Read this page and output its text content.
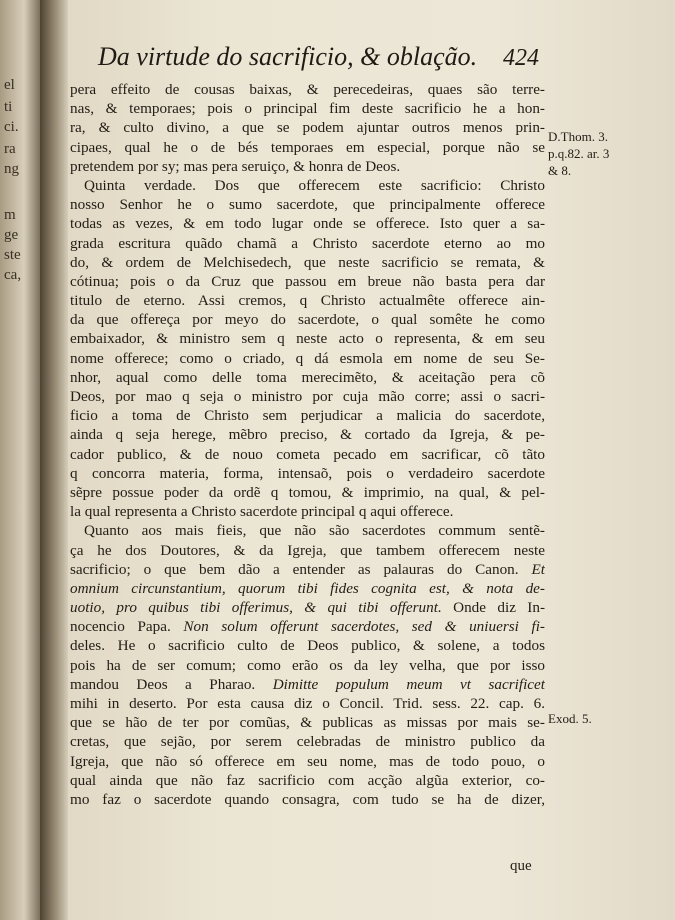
el
ti
ci.
ra
ng
m
ge
ste
ca,
Da virtude do sacrificio, & oblação.	424
pera effeito de cousas baixas, & perecedeiras, quaes são terre-
nas, & temporaes; pois o principal fim deste sacrificio he a hon-
ra, & culto divino, a que se podem ajuntar outros menos prin-
cipaes, qual he o de bés temporaes em especial, porque não se
pretendem por sy; mas pera seruiço, & honra de Deos.
Quinta verdade. Dos que offerecem este sacrificio: Christo
nosso Senhor he o sumo sacerdote, que principalmente offerece
todas as vezes, & em todo lugar onde se offerece. Isto quer a sa-
grada escritura quãdo chamã a Christo sacerdote eterno ao mo
do, & ordem de Melchisedech, que neste sacrificio se remata, &
cótinua; pois o da Cruz que passou em breue não basta pera dar
titulo de eterno. Assi cremos, q Christo actualmête offerece ain-
da que offereça por meyo do sacerdote, o qual somête he como
embaixador, & ministro sem q neste acto o representa, & em seu
nome offerece; como o criado, q dá esmola em nome de seu Se-
nhor, aqual como delle toma merecimẽto, & aceitação pera cõ
Deos, por mao q seja o ministro por cuja mão corre; assi o sacri-
ficio a toma de Christo sem perjudicar a malicia do sacerdote,
ainda q seja herege, mẽbro preciso, & cortado da Igreja, & pe-
cador publico, & de nouo cometa pecado em sacrificar, cõ tãto
q concorra materia, forma, intensaõ, pois o verdadeiro sacerdote
sẽpre possue poder da ordẽ q tomou, & imprimio, na qual, & pel-
la qual representa a Christo sacerdote principal q aqui offerece.
Quanto aos mais fieis, que não são sacerdotes commum sentẽ-
ça he dos Doutores, & da Igreja, que tambem offerecem neste
sacrificio; o que bem dão a entender as palauras do Canon. Et
omnium circunstantium, quorum tibi fides cognita est, & nota de-
uotio, pro quibus tibi offerimus, & qui tibi offerunt. Onde diz In-
nocencio Papa. Non solum offerunt sacerdotes, sed & uniuersi fi-
deles. He o sacrificio culto de Deos publico, & solene, a todos
pois ha de ser comum; como erão os da ley velha, que por isso
mandou Deos a Pharao. Dimitte populum meum vt sacrificet
mihi in deserto. Por esta causa diz o Concil. Trid. sess. 22. cap. 6.
que se hão de ter por comũas, & publicas as missas por mais se-
cretas, que sejão, por serem celebradas de ministro publico da
Igreja, que não só offerece em seu nome, mas de todo pouo, o
qual ainda que não faz sacrificio com acção algũa exterior, co-
mo faz o sacerdote quando consagra, com tudo se ha de dizer,
D.Thom. 3.
p.q.82. ar. 3
& 8.
Exod. 5.
que
